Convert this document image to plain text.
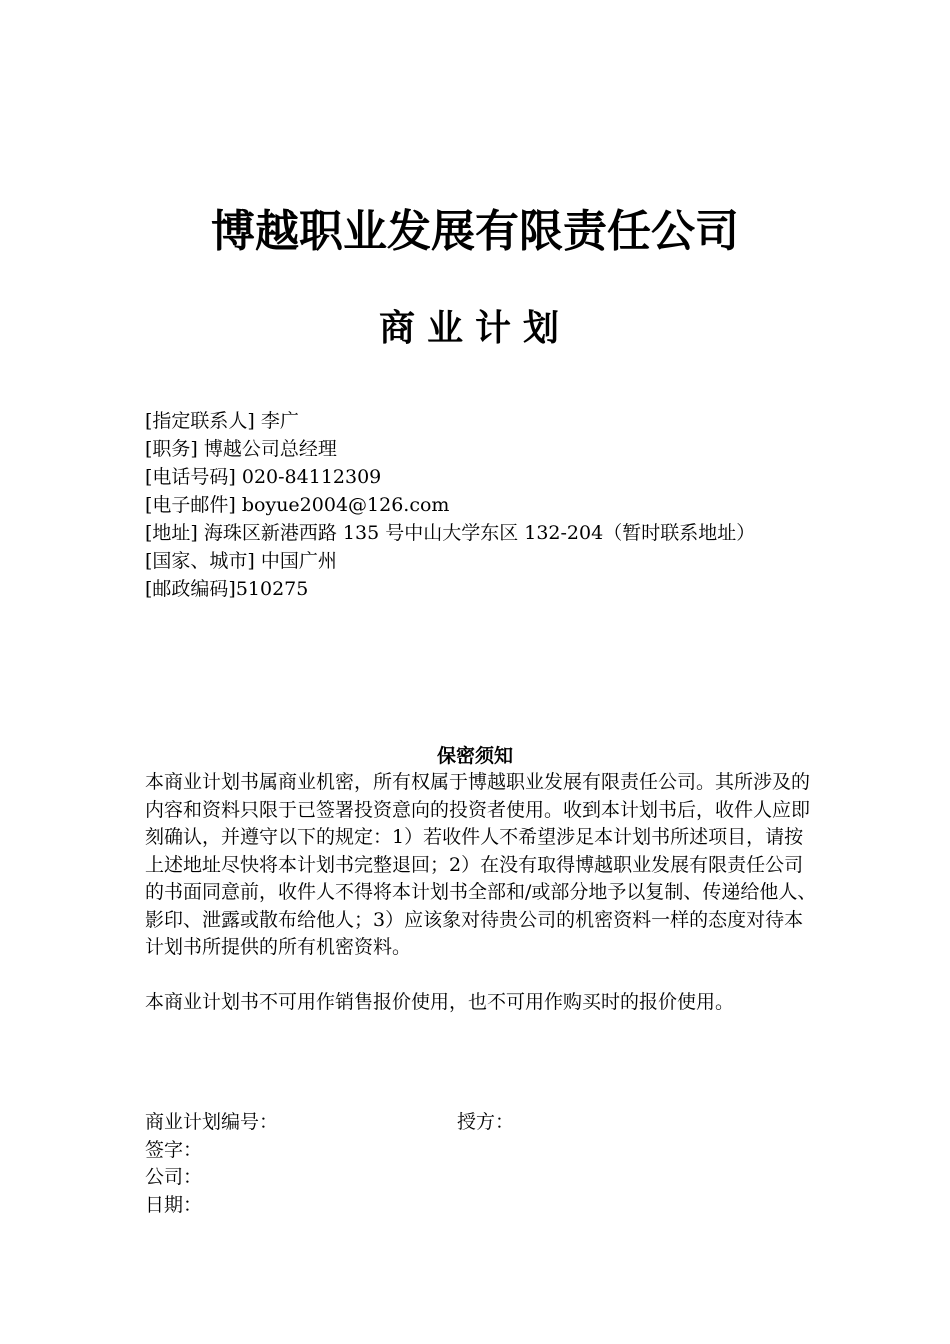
博越职业发展有限责任公司
商业计划
[指定联系人] 李广
[职务] 博越公司总经理
[电话号码] 020-84112309
[电子邮件] boyue2004@126.com
[地址] 海珠区新港西路 135 号中山大学东区 132-204（暂时联系地址）
[国家、城市] 中国广州
[邮政编码]510275
保密须知

本商业计划书属商业机密，所有权属于博越职业发展有限责任公司。其所涉及的内容和资料只限于已签署投资意向的投资者使用。收到本计划书后，收件人应即刻确认，并遵守以下的规定：1）若收件人不希望涉足本计划书所述项目，请按上述地址尽快将本计划书完整退回；2）在没有取得博越职业发展有限责任公司的书面同意前，收件人不得将本计划书全部和/或部分地予以复制、传递给他人、影印、泄露或散布给他人；3）应该象对待贵公司的机密资料一样的态度对待本计划书所提供的所有机密资料。

本商业计划书不可用作销售报价使用，也不可用作购买时的报价使用。

商业计划编号：	授方：
签字：
公司：
日期：
